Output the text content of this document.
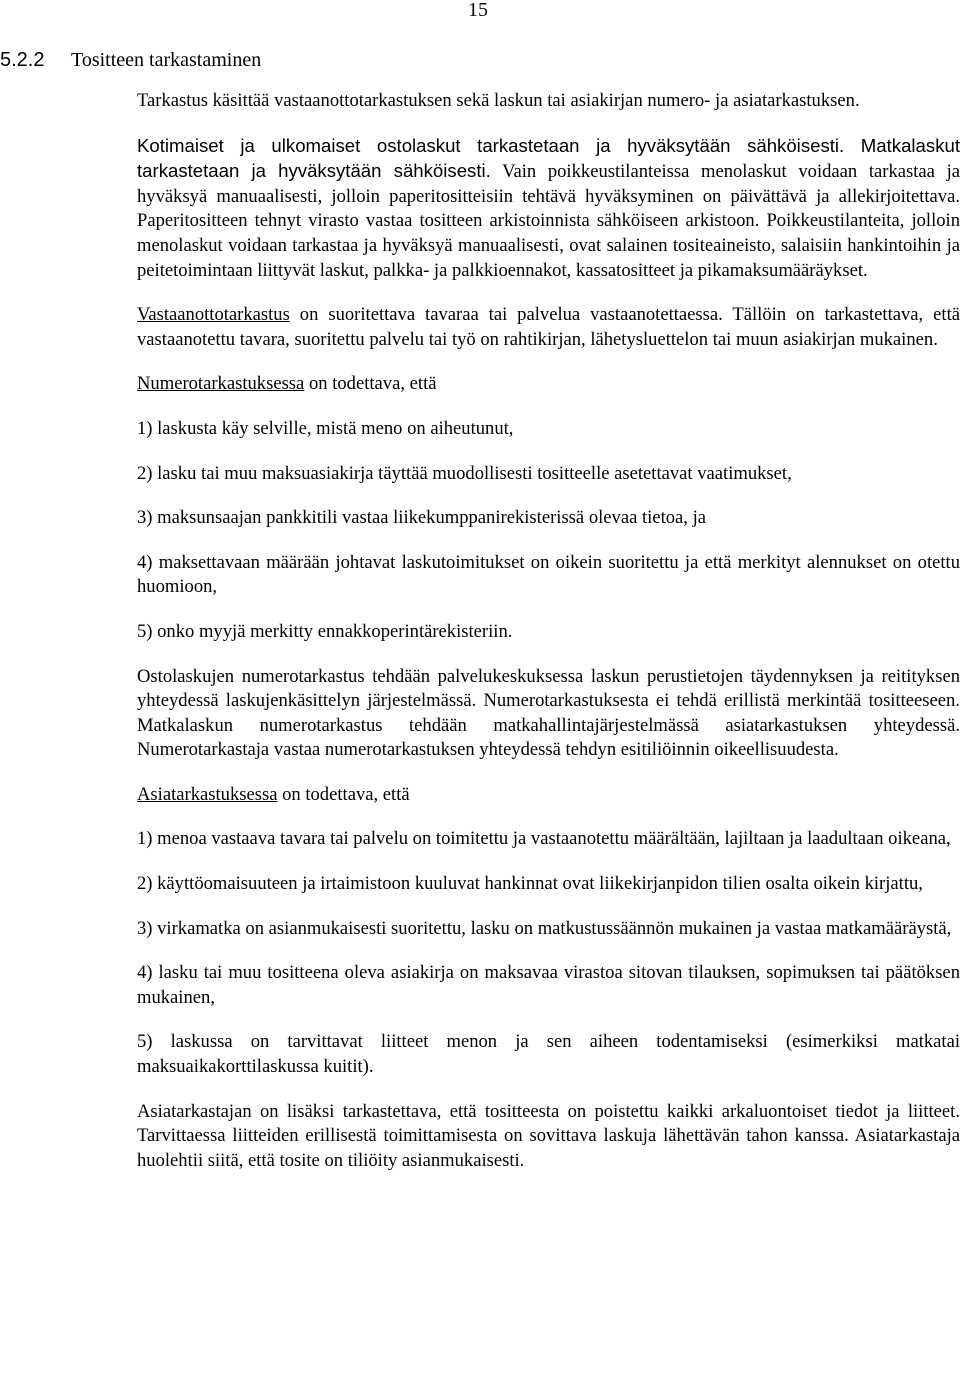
15
5.2.2 Tositteen tarkastaminen

Tarkastus käsittää vastaanottotarkastuksen sekä laskun tai asiakirjan numero- ja asiatarkastuksen.

Kotimaiset ja ulkomaiset ostolaskut tarkastetaan ja hyväksytään sähköisesti. Matkalaskut tarkastetaan ja hyväksytään sähköisesti. Vain poikkeustilanteissa menolaskut voidaan tarkastaa ja hyväksyä manuaalisesti, jolloin paperitositteisiin tehtävä hyväksyminen on päivättävä ja allekirjoitettava. Paperitositteen tehnyt virasto vastaa tositteen arkistoinnista sähköiseen arkistoon. Poikkeustilanteita, jolloin menolaskut voidaan tarkastaa ja hyväksyä manuaalisesti, ovat salainen tositeaineisto, salaisiin hankintoihin ja peitetoimintaan liittyvät laskut, palkka- ja palkkioennakot, kassatositteet ja pikamaksumääräykset.

Vastaanottotarkastus on suoritettava tavaraa tai palvelua vastaanotettaessa. Tällöin on tarkastettava, että vastaanotettu tavara, suoritettu palvelu tai työ on rahtikirjan, lähetysluettelon tai muun asiakirjan mukainen.

Numerotarkastuksessa on todettava, että

1) laskusta käy selville, mistä meno on aiheutunut,

2) lasku tai muu maksuasiakirja täyttää muodollisesti tositteelle asetettavat vaatimukset,

3) maksunsaajan pankkitili vastaa liikekumppanirekisterissä olevaa tietoa, ja

4) maksettavaan määrään johtavat laskutoimitukset on oikein suoritettu ja että merkityt alennukset on otettu huomioon,

5) onko myyjä merkitty ennakkoperintärekisteriin.

Ostolaskujen numerotarkastus tehdään palvelukeskuksessa laskun perustietojen täydennyksen ja reitityksen yhteydessä laskujenkäsittelyn järjestelmässä. Numerotarkastuksesta ei tehdä erillistä merkintää tositteeseen. Matkalaskun numerotarkastus tehdään matkahallintajärjestelmässä asiatarkastuksen yhteydessä. Numerotarkastaja vastaa numerotarkastuksen yhteydessä tehdyn esitiliöinnin oikeellisuudesta.

Asiatarkastuksessa on todettava, että

1) menoa vastaava tavara tai palvelu on toimitettu ja vastaanotettu määrältään, lajiltaan ja laadultaan oikeana,

2) käyttöomaisuuteen ja irtaimistoon kuuluvat hankinnat ovat liikekirjanpidon tilien osalta oikein kirjattu,

3) virkamatka on asianmukaisesti suoritettu, lasku on matkustussäännön mukainen ja vastaa matkamääräystä,

4) lasku tai muu tositteena oleva asiakirja on maksavaa virastoa sitovan tilauksen, sopimuksen tai päätöksen mukainen,

5) laskussa on tarvittavat liitteet menon ja sen aiheen todentamiseksi (esimerkiksi matkatai maksuaikakorttilaskussa kuitit).

Asiatarkastajan on lisäksi tarkastettava, että tositteesta on poistettu kaikki arkaluontoiset tiedot ja liitteet. Tarvittaessa liitteiden erillisestä toimittamisesta on sovittava laskuja lähettävän tahon kanssa. Asiatarkastaja huolehtii siitä, että tosite on tiliöity asianmukaisesti.
